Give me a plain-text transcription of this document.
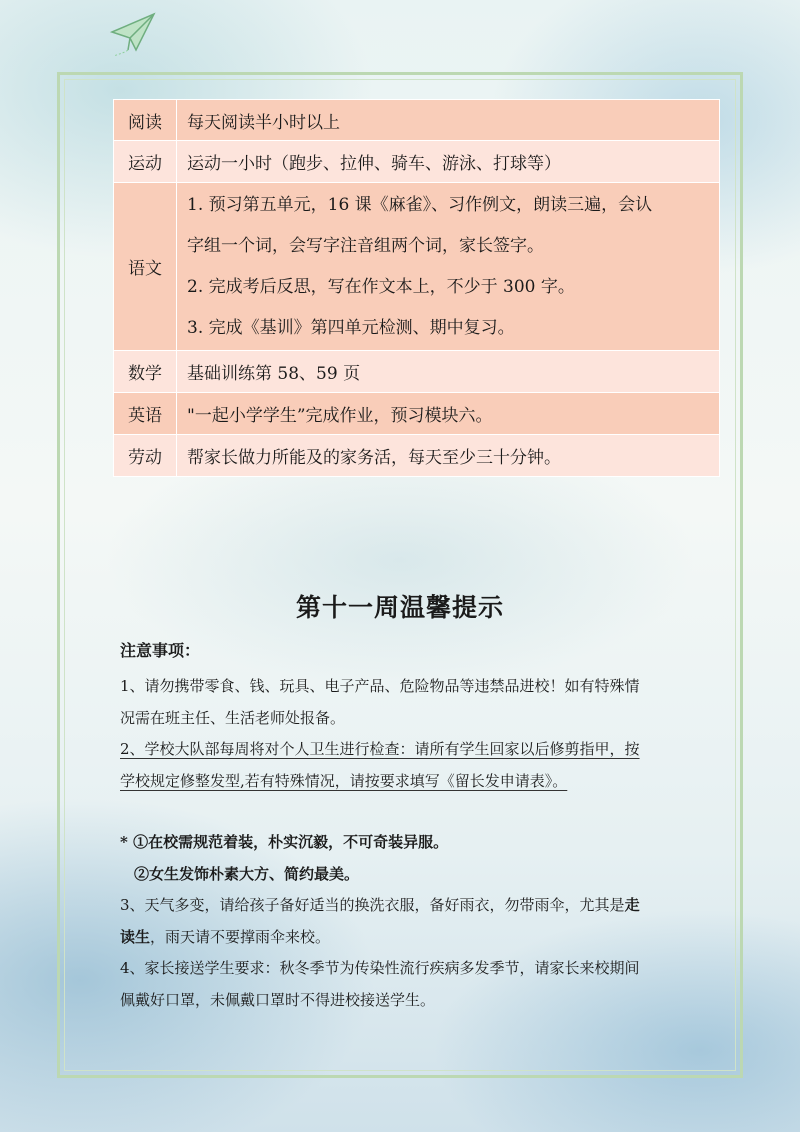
阅读	每天阅读半小时以上
运动	运动一小时（跑步、拉伸、骑车、游泳、打球等）
语文	1. 预习第五单元，16 课《麻雀》、习作例文，朗读三遍，会认
字组一个词，会写字注音组两个词，家长签字。
2. 完成考后反思，写在作文本上，不少于 300 字。
3. 完成《基训》第四单元检测、期中复习。

数学	基础训练第 58、59 页
英语	"一起小学学生”完成作业，预习模块六。
劳动	帮家长做力所能及的家务活，每天至少三十分钟。
第十一周温馨提示
注意事项：

1、请勿携带零食、钱、玩具、电子产品、危险物品等违禁品进校！如有特殊情

况需在班主任、生活老师处报备。

2、学校大队部每周将对个人卫生进行检查：请所有学生回家以后修剪指甲，按

学校规定修整发型,若有特殊情况，请按要求填写《留长发申请表》。

* ①在校需规范着装，朴实沉毅，不可奇装异服。

②女生发饰朴素大方、简约最美。

3、天气多变，请给孩子备好适当的换洗衣服，备好雨衣，勿带雨伞，尤其是走

读生，雨天请不要撑雨伞来校。

4、家长接送学生要求：秋冬季节为传染性流行疾病多发季节，请家长来校期间

佩戴好口罩，未佩戴口罩时不得进校接送学生。
